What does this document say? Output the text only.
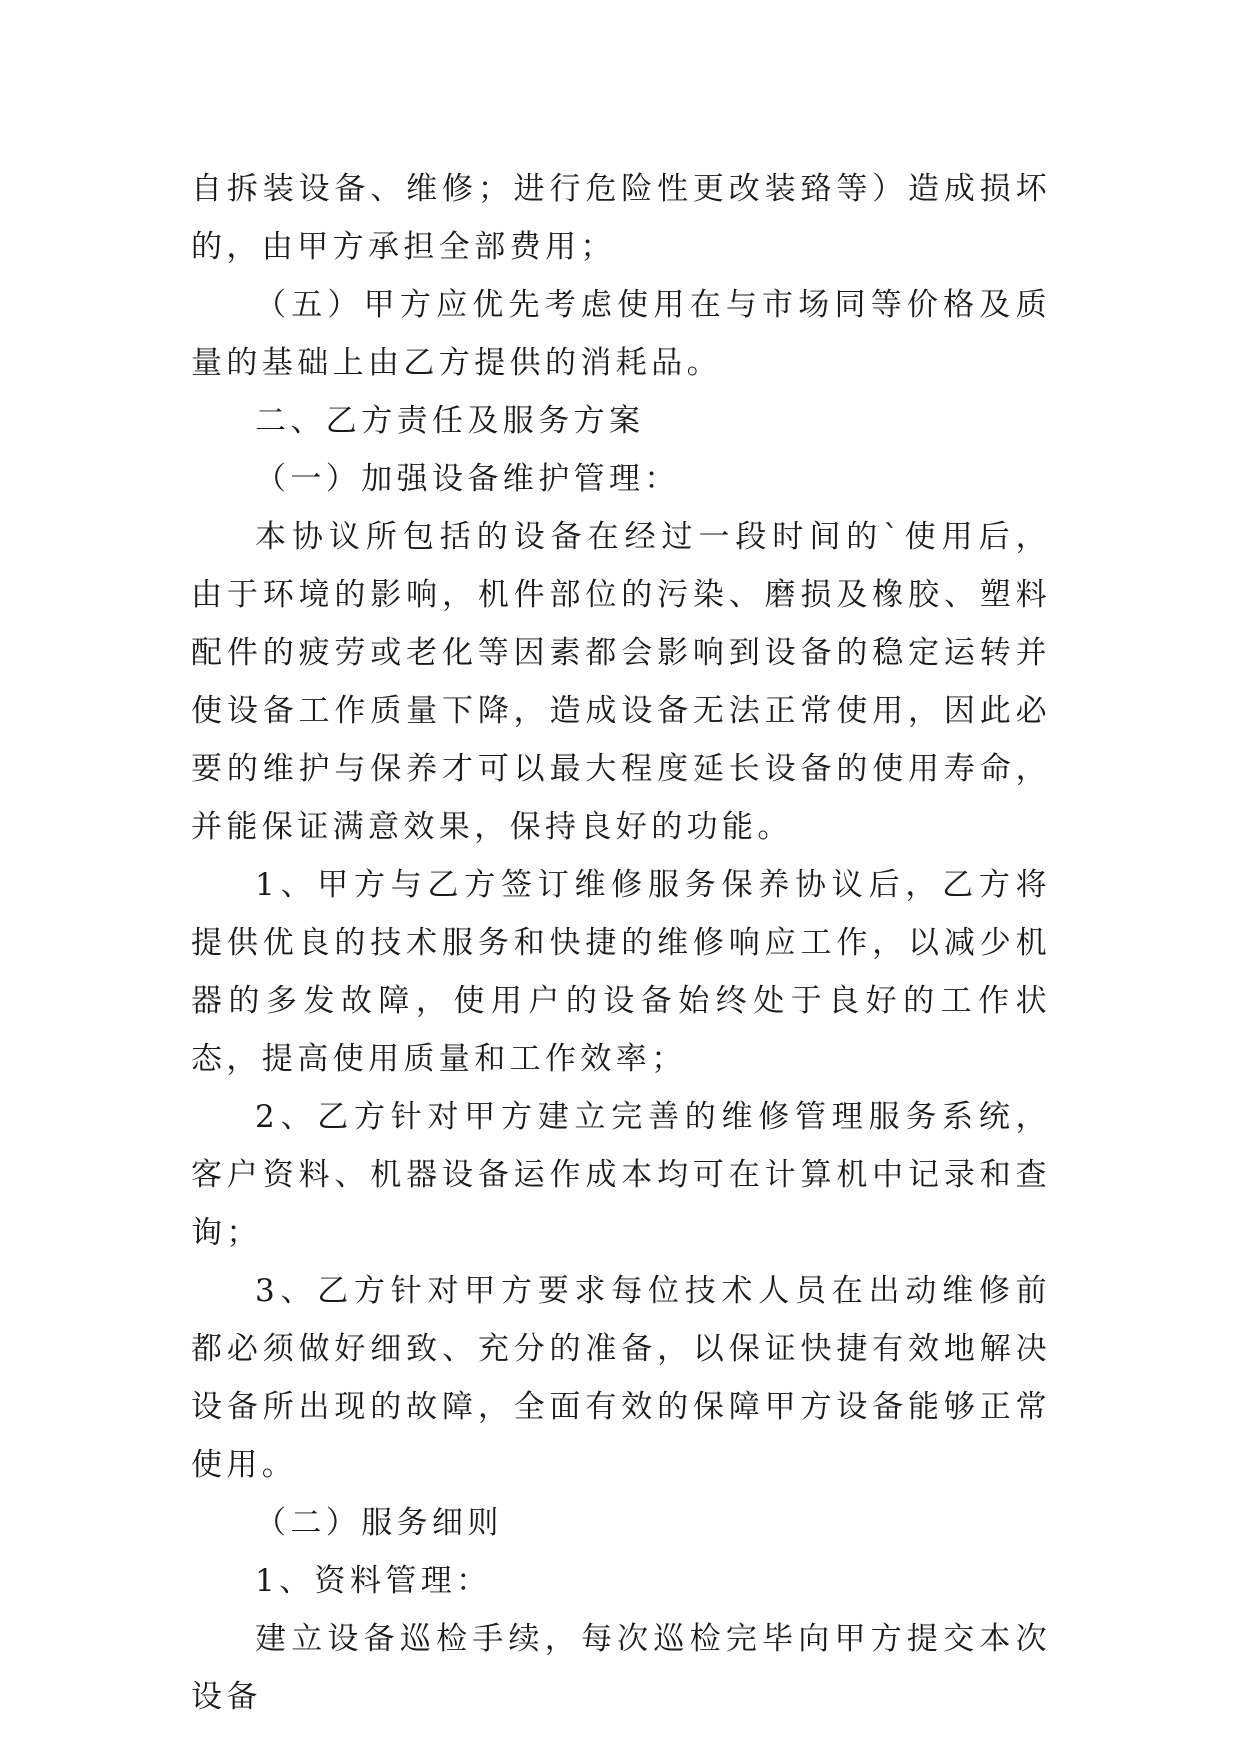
自拆装设备、维修；进行危险性更改装臵等）造成损坏的，由甲方承担全部费用；

（五）甲方应优先考虑使用在与市场同等价格及质量的基础上由乙方提供的消耗品。

二、乙方责任及服务方案

（一）加强设备维护管理：

本协议所包括的设备在经过一段时间的`使用后，由于环境的影响，机件部位的污染、磨损及橡胶、塑料配件的疲劳或老化等因素都会影响到设备的稳定运转并使设备工作质量下降，造成设备无法正常使用，因此必要的维护与保养才可以最大程度延长设备的使用寿命，并能保证满意效果，保持良好的功能。

1、甲方与乙方签订维修服务保养协议后，乙方将提供优良的技术服务和快捷的维修响应工作，以减少机器的多发故障，使用户的设备始终处于良好的工作状态，提高使用质量和工作效率；

2、乙方针对甲方建立完善的维修管理服务系统，客户资料、机器设备运作成本均可在计算机中记录和查询；

3、乙方针对甲方要求每位技术人员在出动维修前都必须做好细致、充分的准备，以保证快捷有效地解决设备所出现的故障，全面有效的保障甲方设备能够正常使用。

（二）服务细则

1、资料管理：

建立设备巡检手续，每次巡检完毕向甲方提交本次设备
